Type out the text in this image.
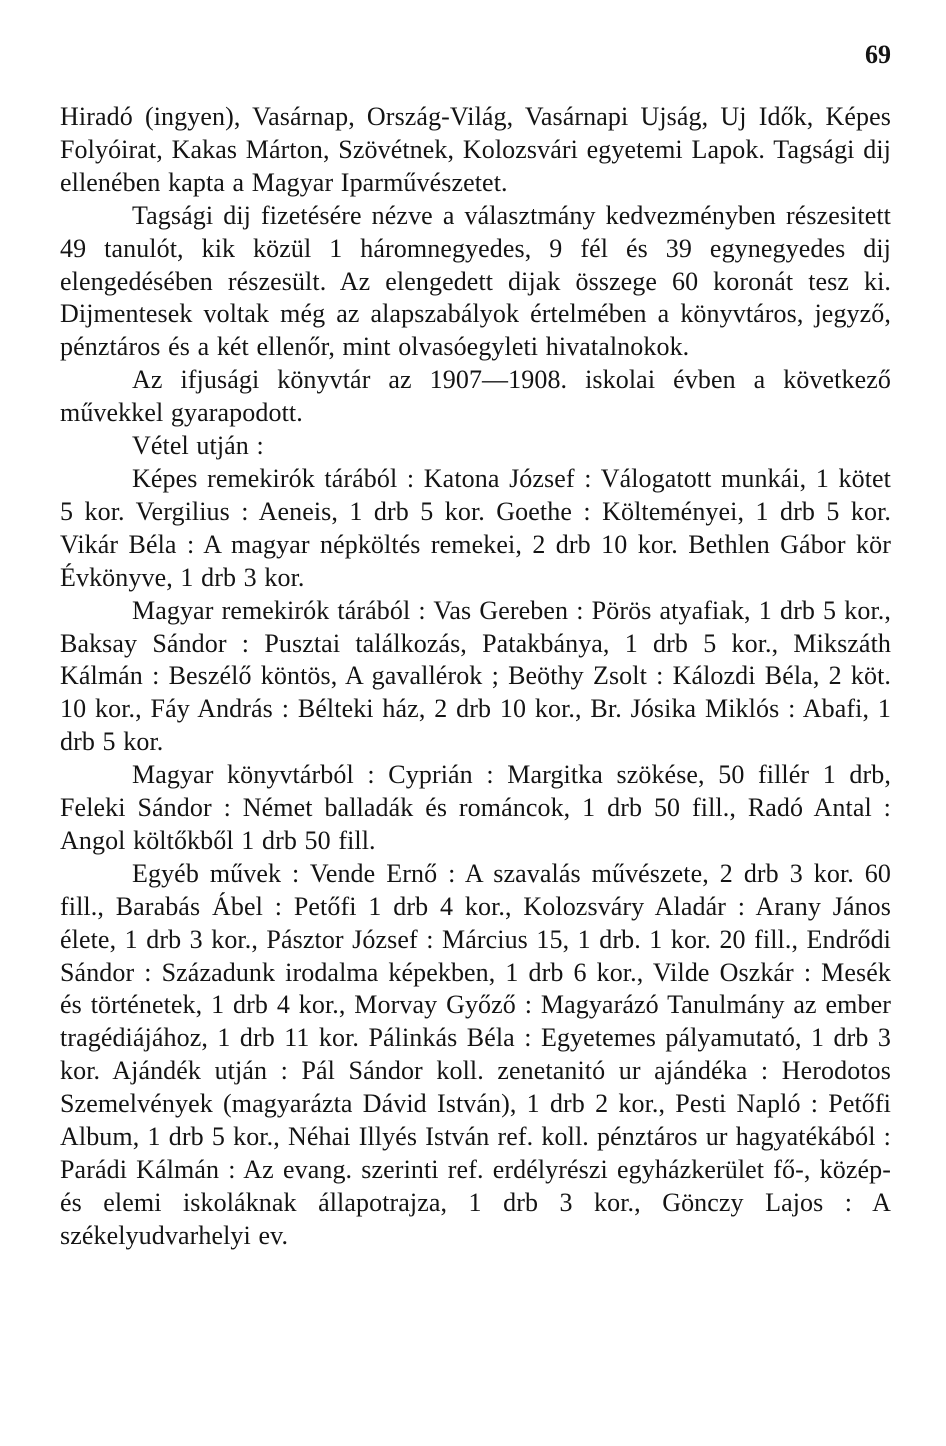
69

Hiradó (ingyen), Vasárnap, Ország-Világ, Vasárnapi Ujság, Uj Idők, Képes Folyóirat, Kakas Márton, Szövétnek, Kolozsvári egyetemi Lapok. Tagsági dij ellenében kapta a Magyar Iparművészetet.

Tagsági dij fizetésére nézve a választmány kedvezményben részesitett 49 tanulót, kik közül 1 háromnegyedes, 9 fél és 39 egynegyedes dij elengedésében részesült. Az elengedett dijak összege 60 koronát tesz ki. Dijmentesek voltak még az alapszabályok értelmében a könyvtáros, jegyző, pénztáros és a két ellenőr, mint olvasóegyleti hivatalnokok.

Az ifjusági könyvtár az 1907—1908. iskolai évben a következő művekkel gyarapodott.

Vétel utján :

Képes remekirók tárából : Katona József : Válogatott munkái, 1 kötet 5 kor. Vergilius : Aeneis, 1 drb 5 kor. Goethe : Költeményei, 1 drb 5 kor. Vikár Béla : A magyar népköltés remekei, 2 drb 10 kor. Bethlen Gábor kör Évkönyve, 1 drb 3 kor.

Magyar remekirók tárából : Vas Gereben : Pörös atyafiak, 1 drb 5 kor., Baksay Sándor : Pusztai találkozás, Patakbánya, 1 drb 5 kor., Mikszáth Kálmán : Beszélő köntös, A gavallérok ; Beöthy Zsolt : Kálozdi Béla, 2 köt. 10 kor., Fáy András : Bélteki ház, 2 drb 10 kor., Br. Jósika Miklós : Abafi, 1 drb 5 kor.

Magyar könyvtárból : Cyprián : Margitka szökése, 50 fillér 1 drb, Feleki Sándor : Német balladák és románcok, 1 drb 50 fill., Radó Antal : Angol költőkből 1 drb 50 fill.

Egyéb művek : Vende Ernő : A szavalás művészete, 2 drb 3 kor. 60 fill., Barabás Ábel : Petőfi 1 drb 4 kor., Kolozsváry Aladár : Arany János élete, 1 drb 3 kor., Pásztor József : Március 15, 1 drb. 1 kor. 20 fill., Endrődi Sándor : Századunk irodalma képekben, 1 drb 6 kor., Vilde Oszkár : Mesék és történetek, 1 drb 4 kor., Morvay Győző : Magyarázó Tanulmány az ember tragédiájához, 1 drb 11 kor. Pálinkás Béla : Egyetemes pályamutató, 1 drb 3 kor. Ajándék utján : Pál Sándor koll. zenetanitó ur ajándéka : Herodotos Szemelvények (magyarázta Dávid István), 1 drb 2 kor., Pesti Napló : Petőfi Album, 1 drb 5 kor., Néhai Illyés István ref. koll. pénztáros ur hagyatékából : Parádi Kálmán : Az evang. szerinti ref. erdélyrészi egyházkerület fő-, közép- és elemi iskoláknak állapotrajza, 1 drb 3 kor., Gönczy Lajos : A székelyudvarhelyi ev.
